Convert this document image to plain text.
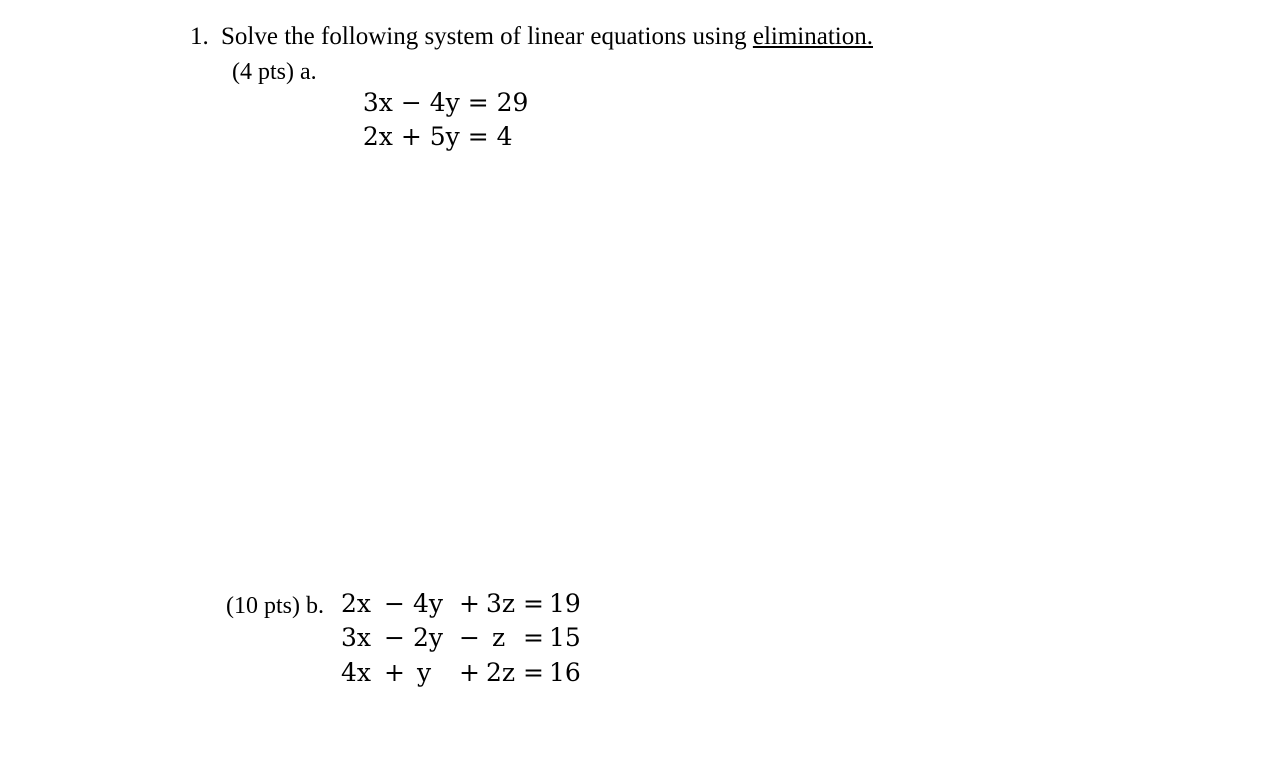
1. Solve the following system of linear equations using elimination.
(4 pts) a.

3x − 4y = 29

2x + 5y = 4

(10 pts) b. 2x − 4y + 3z = 19
3x − 2y − z = 15
4x + y + 2z = 16
